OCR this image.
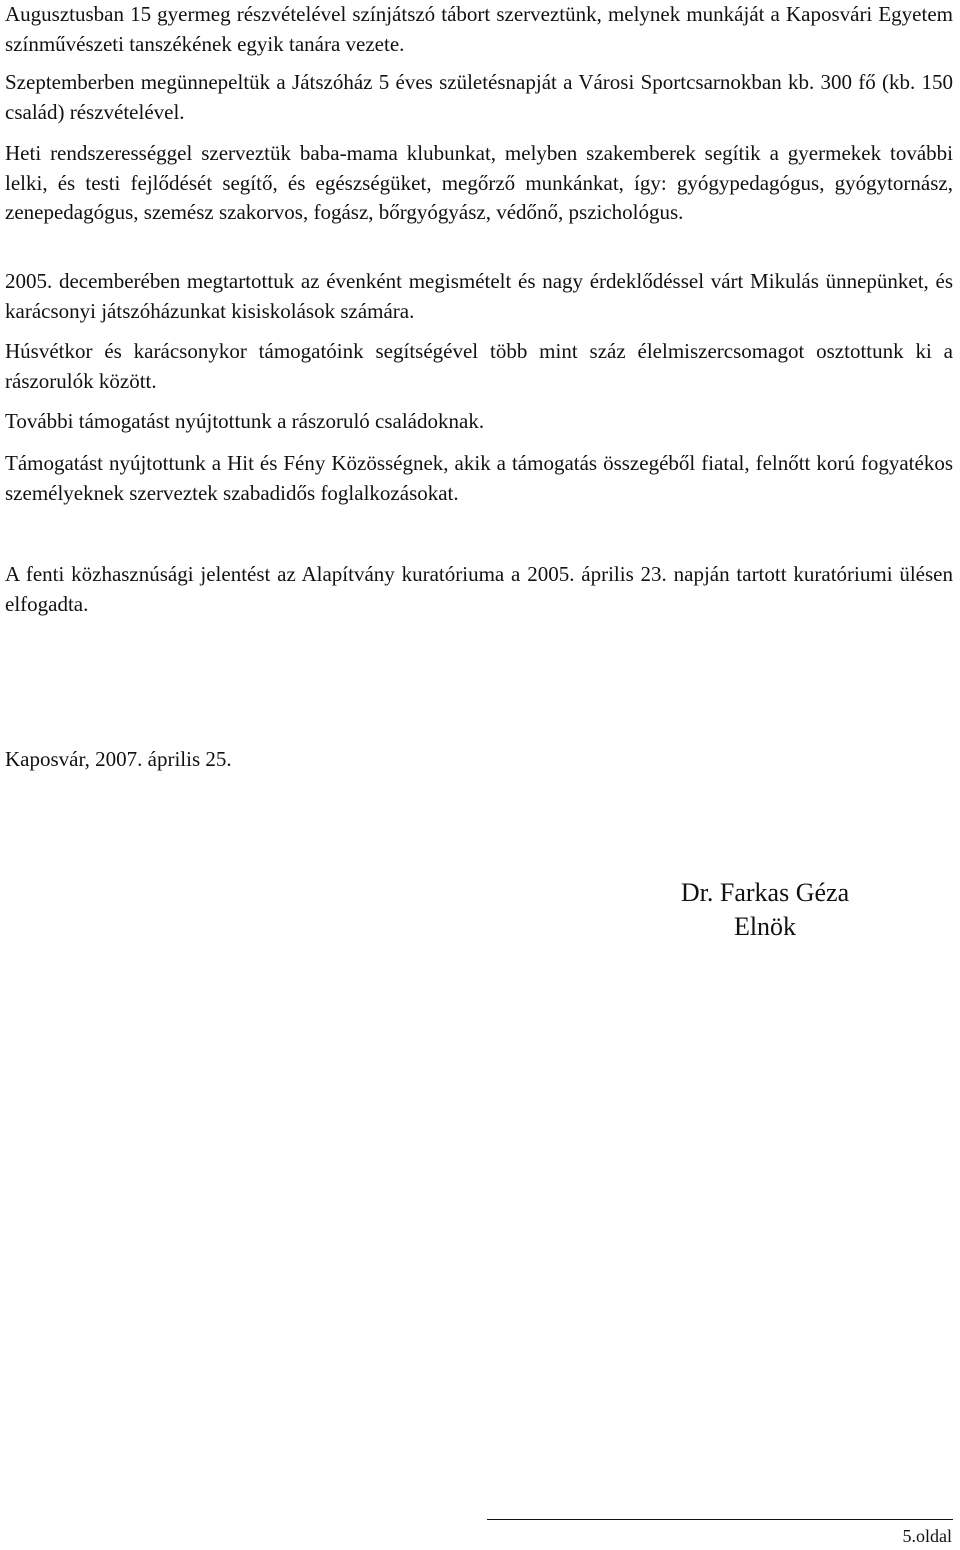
Augusztusban 15 gyermeg részvételével színjátszó tábort szerveztünk, melynek munkáját a Kaposvári Egyetem színművészeti tanszékének egyik tanára vezete.

Szeptemberben megünnepeltük a Játszóház 5 éves születésnapját a Városi Sportcsarnokban kb. 300 fő (kb. 150 család) részvételével.

Heti rendszerességgel szerveztük baba-mama klubunkat, melyben szakemberek segítik a gyermekek további lelki, és testi fejlődését segítő, és egészségüket, megőrző munkánkat, így: gyógypedagógus, gyógytornász, zenepedagógus, szemész szakorvos, fogász, bőrgyógyász, védőnő, pszichológus.

2005. decemberében megtartottuk az évenként megismételt és nagy érdeklődéssel várt Mikulás ünnepünket, és karácsonyi játszóházunkat kisiskolások számára.

Húsvétkor és karácsonykor támogatóink segítségével több mint száz élelmiszercsomagot osztottunk ki a rászorulók között.

További támogatást nyújtottunk a rászoruló családoknak.

Támogatást nyújtottunk a Hit és Fény Közösségnek, akik a támogatás összegéből fiatal, felnőtt korú fogyatékos személyeknek szerveztek szabadidős foglalkozásokat.

A fenti közhasznúsági jelentést az Alapítvány kuratóriuma a 2005. április 23. napján tartott kuratóriumi ülésen elfogadta.

Kaposvár, 2007. április 25.

Dr. Farkas Géza
Elnök
5.oldal
